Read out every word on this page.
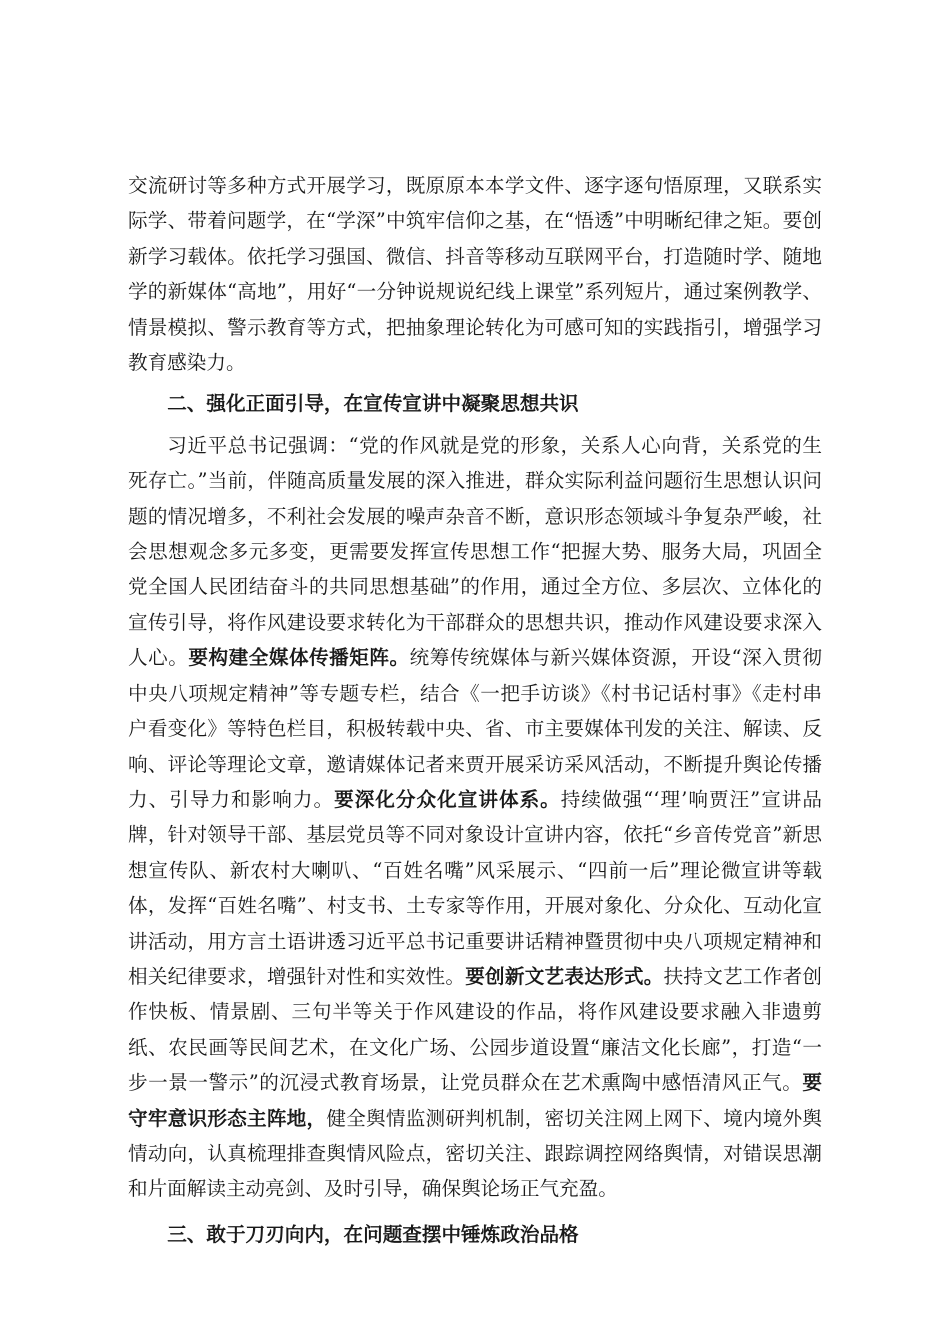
交流研讨等多种方式开展学习，既原原本本学文件、逐字逐句悟原理，又联系实际学、带着问题学，在“学深”中筑牢信仰之基，在“悟透”中明晰纪律之矩。要创新学习载体。依托学习强国、微信、抖音等移动互联网平台，打造随时学、随地学的新媒体“高地”，用好“一分钟说规说纪线上课堂”系列短片，通过案例教学、情景模拟、警示教育等方式，把抽象理论转化为可感可知的实践指引，增强学习教育感染力。

二、强化正面引导，在宣传宣讲中凝聚思想共识

习近平总书记强调：“党的作风就是党的形象，关系人心向背，关系党的生死存亡。”当前，伴随高质量发展的深入推进，群众实际利益问题衍生思想认识问题的情况增多，不利社会发展的噪声杂音不断，意识形态领域斗争复杂严峻，社会思想观念多元多变，更需要发挥宣传思想工作“把握大势、服务大局，巩固全党全国人民团结奋斗的共同思想基础”的作用，通过全方位、多层次、立体化的宣传引导，将作风建设要求转化为干部群众的思想共识，推动作风建设要求深入人心。要构建全媒体传播矩阵。统筹传统媒体与新兴媒体资源，开设“深入贯彻中央八项规定精神”等专题专栏，结合《一把手访谈》《村书记话村事》《走村串户看变化》等特色栏目，积极转载中央、省、市主要媒体刊发的关注、解读、反响、评论等理论文章，邀请媒体记者来贾开展采访采风活动，不断提升舆论传播力、引导力和影响力。要深化分众化宣讲体系。持续做强“‘理’响贾汪”宣讲品牌，针对领导干部、基层党员等不同对象设计宣讲内容，依托“乡音传党音”新思想宣传队、新农村大喇叭、“百姓名嘴”风采展示、“四前一后”理论微宣讲等载体，发挥“百姓名嘴”、村支书、土专家等作用，开展对象化、分众化、互动化宣讲活动，用方言土语讲透习近平总书记重要讲话精神暨贯彻中央八项规定精神和相关纪律要求，增强针对性和实效性。要创新文艺表达形式。扶持文艺工作者创作快板、情景剧、三句半等关于作风建设的作品，将作风建设要求融入非遗剪纸、农民画等民间艺术，在文化广场、公园步道设置“廉洁文化长廊”，打造“一步一景一警示”的沉浸式教育场景，让党员群众在艺术熏陶中感悟清风正气。要守牢意识形态主阵地，健全舆情监测研判机制，密切关注网上网下、境内境外舆情动向，认真梳理排查舆情风险点，密切关注、跟踪调控网络舆情，对错误思潮和片面解读主动亮剑、及时引导，确保舆论场正气充盈。

三、敢于刀刃向内，在问题查摆中锤炼政治品格
